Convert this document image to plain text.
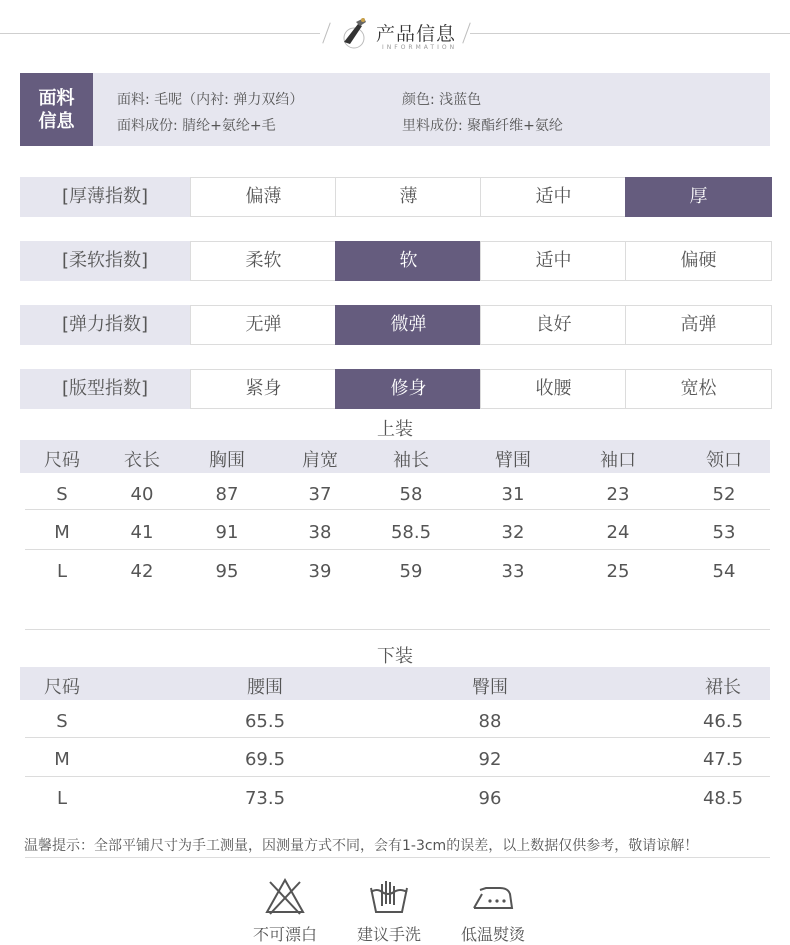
产品信息
INFORMATION
面料
信息
面料: 毛呢（内衬: 弹力双绉）	颜色: 浅蓝色
面料成份: 腈纶+氨纶+毛	里料成份: 聚酯纤维+氨纶
[厚薄指数]	偏薄	薄	适中	厚
[柔软指数]	柔软	软	适中	偏硬
[弹力指数]	无弹	微弹	良好	高弹
[版型指数]	紧身	修身	收腰	宽松
上装
尺码 衣长	胸围	肩宽	袖长	臂围	袖口	领口
S	40	87	37	58	31	23	52
M	41	91	38	58.5	32	24	53
L	42	95	39	59	33	25	54
下装
尺码	腰围	臀围	裙长
S	65.5	88	46.5
M	69.5	92	47.5
L	73.5	96	48.5
温馨提示：全部平铺尺寸为手工测量，因测量方式不同，会有1-3cm的误差，以上数据仅供参考，敬请谅解！
不可漂白	建议手洗	低温熨烫
